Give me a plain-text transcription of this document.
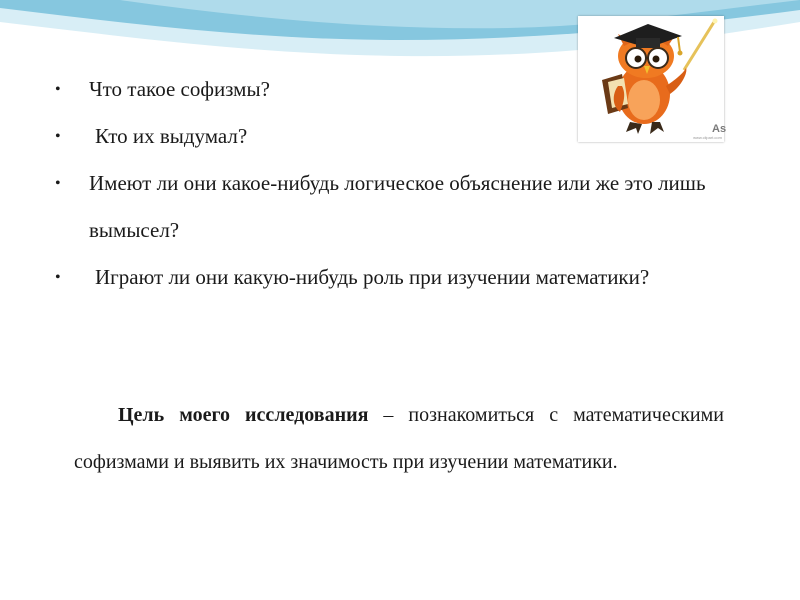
As
www.clipart.com
• Что такое софизмы?
• Кто их выдумал?
• Имеют ли они какое-нибудь логическое объяснение или же это лишь вымысел?
• Играют ли они какую-нибудь роль при изучении математики?

Цель моего исследования – познакомиться с математическими софизмами и выявить их значимость при изучении математики.
